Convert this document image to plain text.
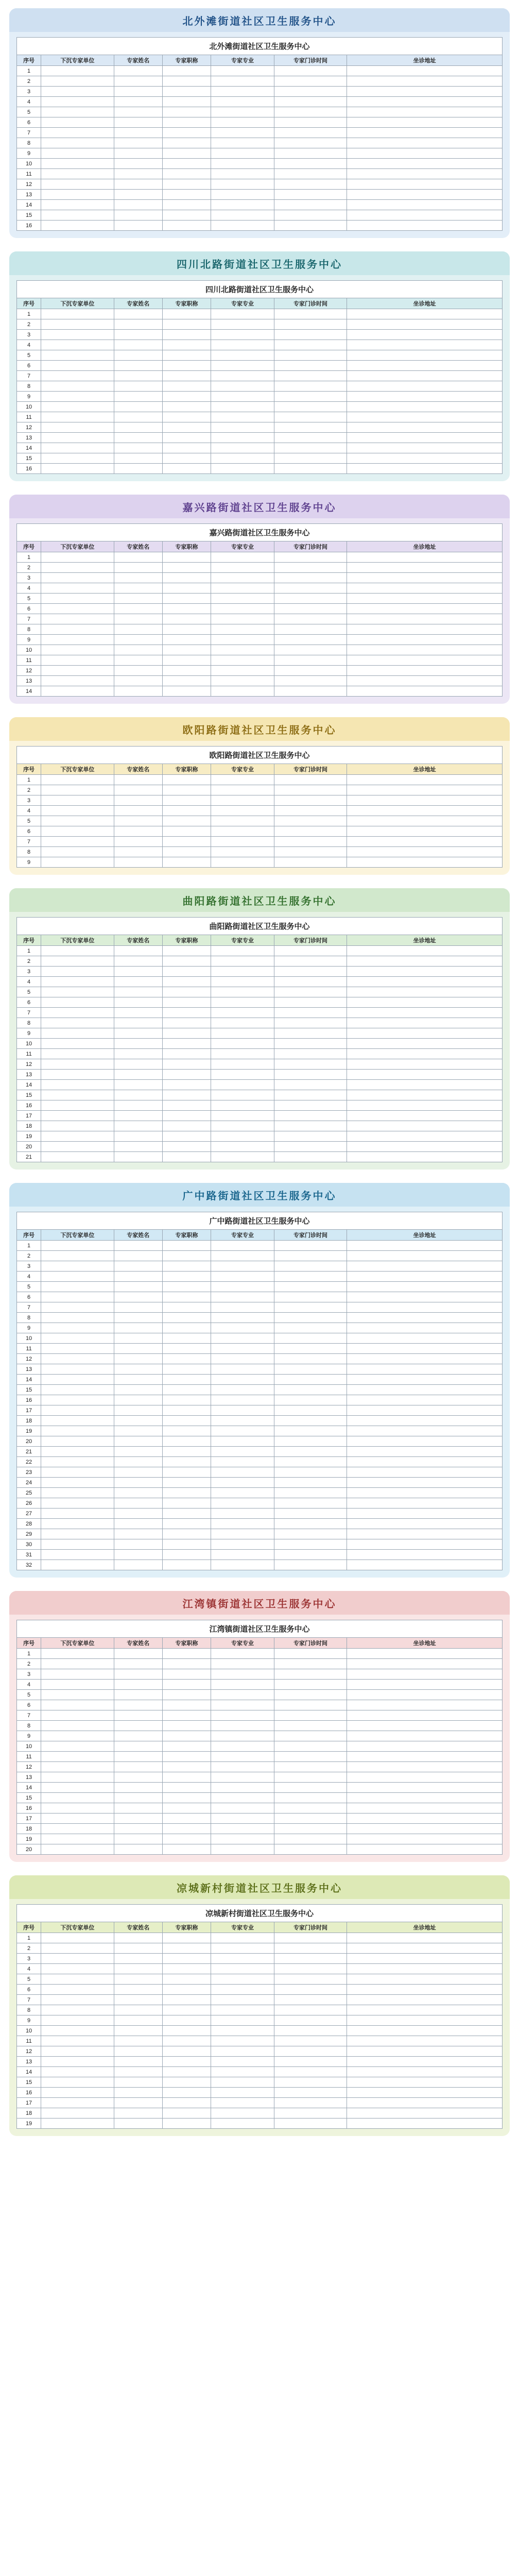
北外滩街道社区卫生服务中心
北外滩街道社区卫生服务中心
序号	下沉专家单位	专家姓名	专家职称	专家专业	专家门诊时间	坐诊地址
1						
2						
3						
4						
5						
6						
7						
8						
9						
10						
11						
12						
13						
14						
15						
16						
四川北路街道社区卫生服务中心
四川北路街道社区卫生服务中心
序号	下沉专家单位	专家姓名	专家职称	专家专业	专家门诊时间	坐诊地址
1						
2						
3						
4						
5						
6						
7						
8						
9						
10						
11						
12						
13						
14						
15						
16						
嘉兴路街道社区卫生服务中心
嘉兴路街道社区卫生服务中心
序号	下沉专家单位	专家姓名	专家职称	专家专业	专家门诊时间	坐诊地址
1						
2						
3						
4						
5						
6						
7						
8						
9						
10						
11						
12						
13						
14						
欧阳路街道社区卫生服务中心
欧阳路街道社区卫生服务中心
序号	下沉专家单位	专家姓名	专家职称	专家专业	专家门诊时间	坐诊地址
1						
2						
3						
4						
5						
6						
7						
8						
9						
曲阳路街道社区卫生服务中心
曲阳路街道社区卫生服务中心
序号	下沉专家单位	专家姓名	专家职称	专家专业	专家门诊时间	坐诊地址
1						
2						
3						
4						
5						
6						
7						
8						
9						
10						
11						
12						
13						
14						
15						
16						
17						
18						
19						
20						
21						
广中路街道社区卫生服务中心
广中路街道社区卫生服务中心
序号	下沉专家单位	专家姓名	专家职称	专家专业	专家门诊时间	坐诊地址
1						
2						
3						
4						
5						
6						
7						
8						
9						
10						
11						
12						
13						
14						
15						
16						
17						
18						
19						
20						
21						
22						
23						
24						
25						
26						
27						
28						
29						
30						
31						
32						
江湾镇街道社区卫生服务中心
江湾镇街道社区卫生服务中心
序号	下沉专家单位	专家姓名	专家职称	专家专业	专家门诊时间	坐诊地址
1						
2						
3						
4						
5						
6						
7						
8						
9						
10						
11						
12						
13						
14						
15						
16						
17						
18						
19						
20						
凉城新村街道社区卫生服务中心
凉城新村街道社区卫生服务中心
序号	下沉专家单位	专家姓名	专家职称	专家专业	专家门诊时间	坐诊地址
1						
2						
3						
4						
5						
6						
7						
8						
9						
10						
11						
12						
13						
14						
15						
16						
17						
18						
19						
